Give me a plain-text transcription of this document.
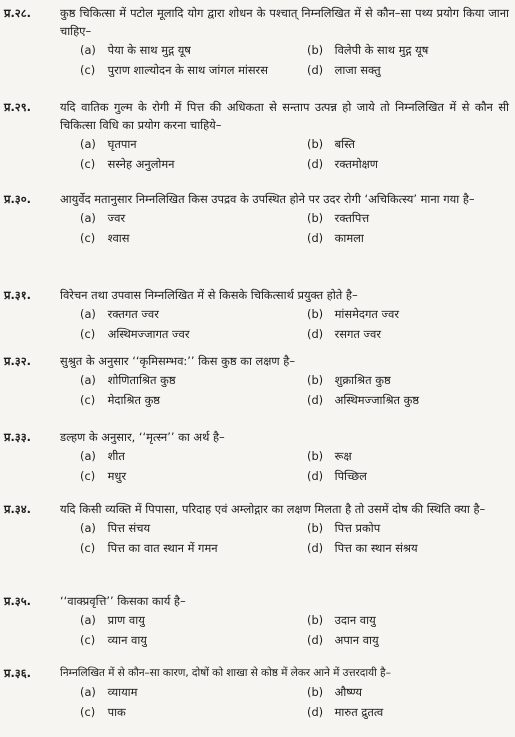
प्र.२८.	कुष्ठ चिकित्सा में पटोल मूलादि योग द्वारा शोधन के पश्चात् निम्नलिखित में से कौन–सा पथ्य प्रयोग किया जाना चाहिए–
(a) पेया के साथ मुद्ग यूष	(b) विलेपी के साथ मुद्ग यूष
(c) पुराण शाल्योदन के साथ जांगल मांसरस	(d) लाजा सक्तु
प्र.२९.	यदि वातिक गुल्म के रोगी में पित्त की अधिकता से सन्ताप उत्पन्न हो जाये तो निम्नलिखित में से कौन सी चिकित्सा विधि का प्रयोग करना चाहिये–
(a) घृतपान	(b) बस्ति
(c) सस्नेह अनुलोमन	(d) रक्तमोक्षण
प्र.३०.	आयुर्वेद मतानुसार निम्नलिखित किस उपद्रव के उपस्थित होने पर उदर रोगी ‘अचिकित्स्य’ माना गया है–
(a) ज्वर	(b) रक्तपित्त
(c) श्वास	(d) कामला
प्र.३१.	विरेचन तथा उपवास निम्नलिखित में से किसके चिकित्सार्थ प्रयुक्त होते है–
(a) रक्तगत ज्वर	(b) मांसमेदगत ज्वर
(c) अस्थिमज्जागत ज्वर	(d) रसगत ज्वर
प्र.३२.	सुश्रुत के अनुसार ‘‘कृमिसम्भव:’’ किस कुष्ठ का लक्षण है–
(a) शोणिताश्रित कुष्ठ	(b) शुक्राश्रित कुष्ठ
(c) मेदाश्रित कुष्ठ	(d) अस्थिमज्जाश्रित कुष्ठ
प्र.३३.	डल्हण के अनुसार, ‘‘मृत्स्न’’ का अर्थ है–
(a) शीत	(b) रूक्ष
(c) मधुर	(d) पिच्छिल
प्र.३४.	यदि किसी व्यक्ति में पिपासा, परिदाह एवं अम्लोद्गार का लक्षण मिलता है तो उसमें दोष की स्थिति क्या है–
(a) पित्त संचय	(b) पित्त प्रकोप
(c) पित्त का वात स्थान में गमन	(d) पित्त का स्थान संश्रय
प्र.३५.	‘‘वाक्प्रवृत्ति’’ किसका कार्य है–
(a) प्राण वायु	(b) उदान वायु
(c) व्यान वायु	(d) अपान वायु
प्र.३६.	निम्नलिखित में से कौन–सा कारण, दोषों को शाखा से कोष्ठ में लेकर आने में उत्तरदायी है–
(a) व्यायाम	(b) औष्ण्य
(c) पाक	(d) मारुत द्रुतत्व
